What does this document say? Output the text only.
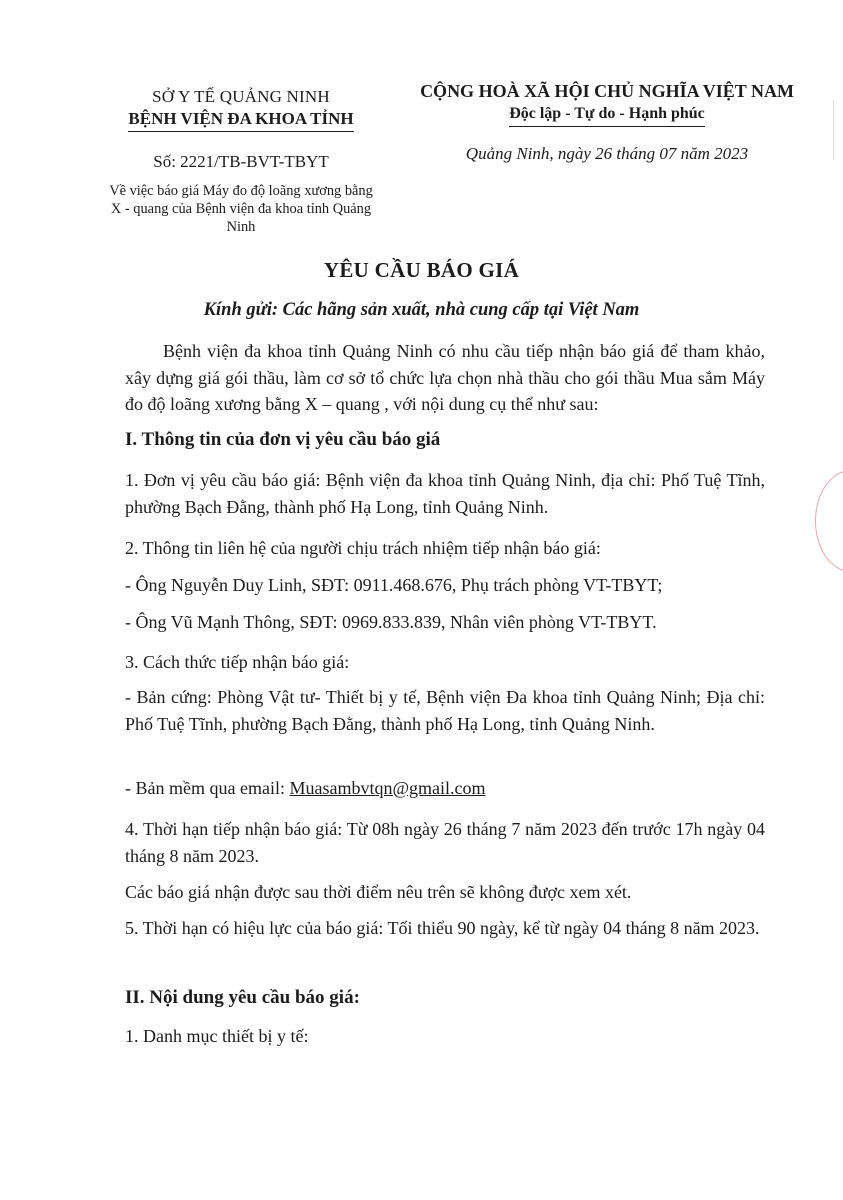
SỞ Y TẾ QUẢNG NINH
BỆNH VIỆN ĐA KHOA TỈNH
Số: 2221/TB-BVT-TBYT
Về việc báo giá Máy đo độ loãng xương bằng
X - quang của Bệnh viện đa khoa tỉnh Quảng
Ninh
CỘNG HOÀ XÃ HỘI CHỦ NGHĨA VIỆT NAM
Độc lập - Tự do - Hạnh phúc
Quảng Ninh, ngày 26 tháng 07 năm 2023
YÊU CẦU BÁO GIÁ
Kính gửi: Các hãng sản xuất, nhà cung cấp tại Việt Nam
Bệnh viện đa khoa tỉnh Quảng Ninh có nhu cầu tiếp nhận báo giá để tham khảo, xây dựng giá gói thầu, làm cơ sở tổ chức lựa chọn nhà thầu cho gói thầu Mua sắm Máy đo độ loãng xương bằng X – quang , với nội dung cụ thể như sau:
I. Thông tin của đơn vị yêu cầu báo giá
1. Đơn vị yêu cầu báo giá: Bệnh viện đa khoa tỉnh Quảng Ninh, địa chỉ: Phố Tuệ Tĩnh, phường Bạch Đằng, thành phố Hạ Long, tỉnh Quảng Ninh.
2. Thông tin liên hệ của người chịu trách nhiệm tiếp nhận báo giá:
- Ông Nguyễn Duy Linh, SĐT: 0911.468.676, Phụ trách phòng VT-TBYT;
- Ông Vũ Mạnh Thông, SĐT: 0969.833.839, Nhân viên phòng VT-TBYT.
3. Cách thức tiếp nhận báo giá:
- Bản cứng: Phòng Vật tư- Thiết bị y tế, Bệnh viện Đa khoa tỉnh Quảng Ninh; Địa chỉ: Phố Tuệ Tĩnh, phường Bạch Đằng, thành phố Hạ Long, tỉnh Quảng Ninh.
- Bản mềm qua email: Muasambvtqn@gmail.com
4. Thời hạn tiếp nhận báo giá: Từ 08h ngày 26 tháng 7 năm 2023 đến trước 17h ngày 04 tháng 8 năm 2023.
Các báo giá nhận được sau thời điểm nêu trên sẽ không được xem xét.
5. Thời hạn có hiệu lực của báo giá: Tối thiểu 90 ngày, kể từ ngày 04 tháng 8 năm 2023.
II. Nội dung yêu cầu báo giá:
1. Danh mục thiết bị y tế:
